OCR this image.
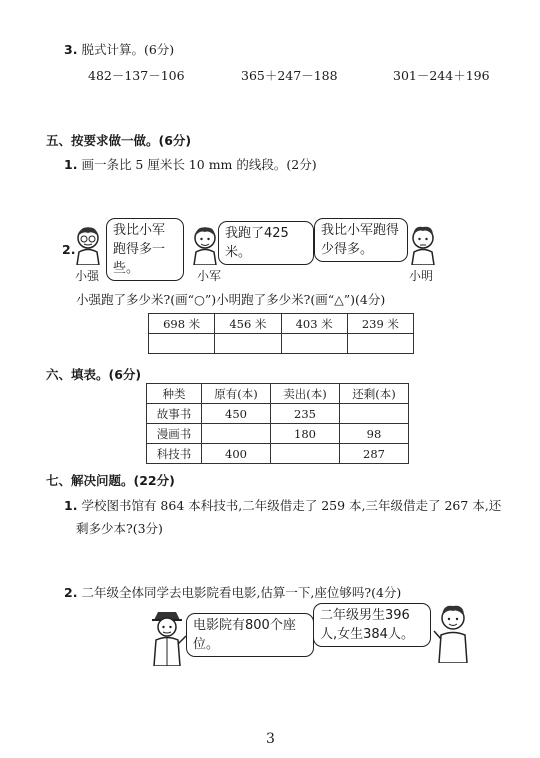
3. 脱式计算。(6分)
482－137－106	365＋247－188	301－244＋196
五、按要求做一做。(6分)
1. 画一条比 5 厘米长 10 mm 的线段。(2分)
2.
小强
我比小军跑得多一些。	小军
我跑了425米。
小明
我比小军跑得少得多。
小强跑了多少米?(画“○”)小明跑了多少米?(画“△”)(4分)
698 米	456 米	403 米	239 米

六、填表。(6分)
种类	原有(本)	卖出(本)	还剩(本)
故事书	450	235	
漫画书		180	98
科技书	400		287
七、解决问题。(22分)
1. 学校图书馆有 864 本科技书,二年级借走了 259 本,三年级借走了 267 本,还
剩多少本?(3分)
2. 二年级全体同学去电影院看电影,估算一下,座位够吗?(4分)
电影院有800个座位。
二年级男生396人,女生384人。
3
